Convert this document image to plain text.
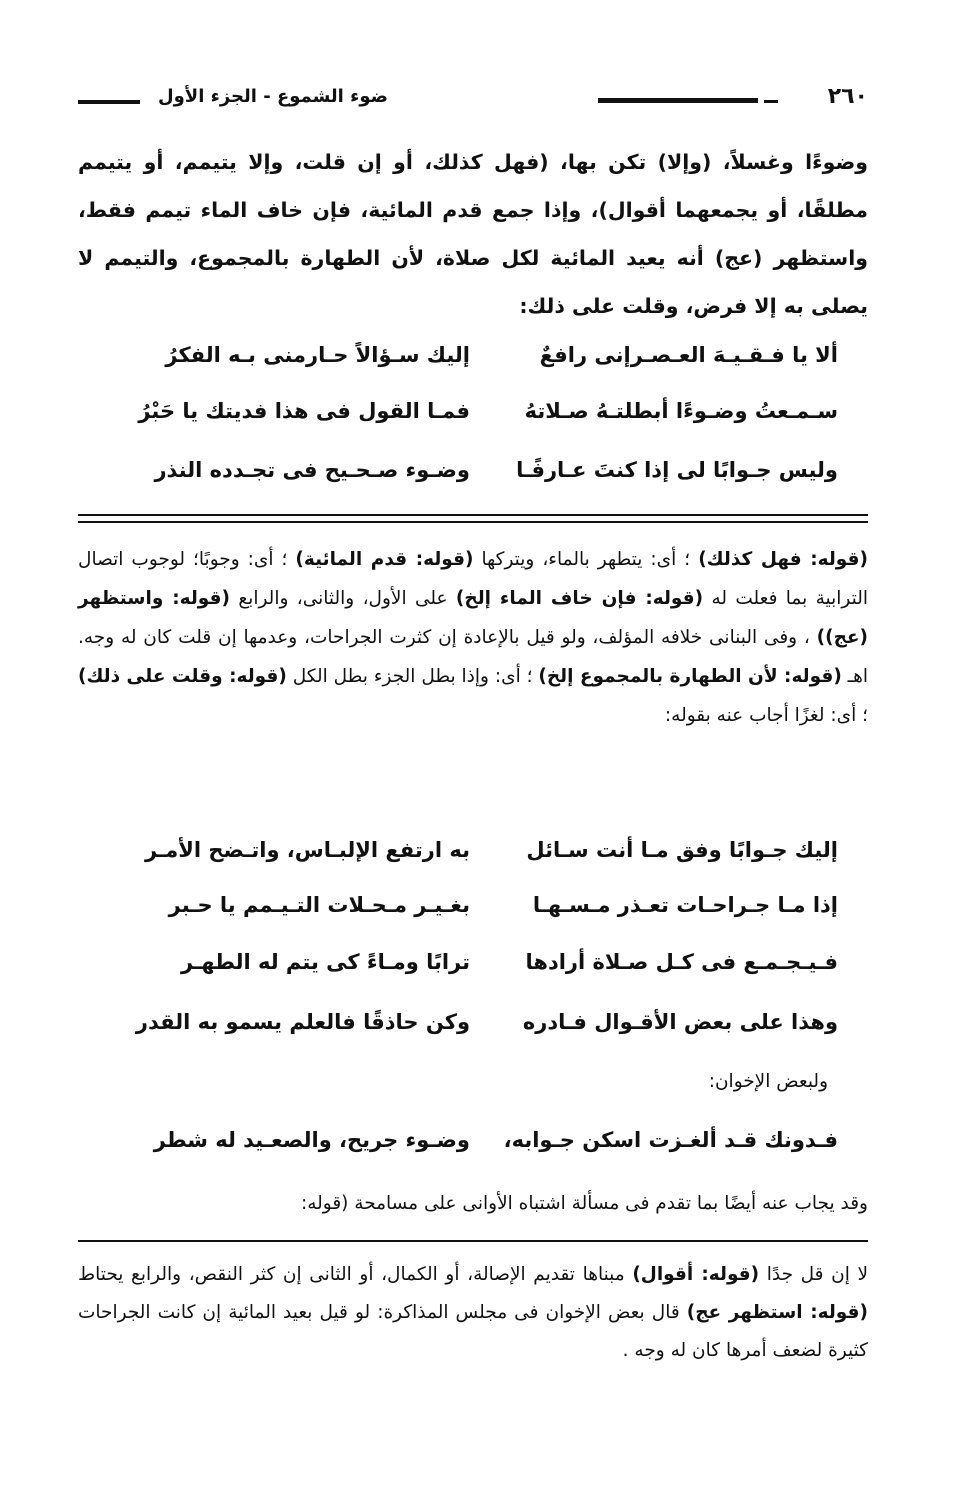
٢٦٠
ضوء الشموع - الجزء الأول

وضوءًا وغسلاً، (وإلا) تكن بها، (فهل كذلك، أو إن قلت، وإلا يتيمم، أو يتيمم مطلقًا، أو يجمعهما أقوال)، وإذا جمع قدم المائية، فإن خاف الماء تيمم فقط، واستظهر (عج) أنه يعيد المائية لكل صلاة، لأن الطهارة بالمجموع، والتيمم لا يصلى به إلا فرض، وقلت على ذلك:

ألا يا فـقـيـهَ العـصـرإنى رافعٌ
إليك سـؤالاً حـارمنى بـه الفكرُ
سـمـعتُ وضـوءًا أبطلتـهُ صـلاتهُ
فمـا القول فى هذا فديتك يا حَبْرُ
وليس جـوابًا لى إذا كنتَ عـارفًـا
وضـوء صـحـيح فى تجـدده النذر
(قوله: فهل كذلك) ؛ أى: يتطهر بالماء، ويتركها (قوله: قدم المائية) ؛ أى: وجوبًا؛ لوجوب اتصال الترابية بما فعلت له (قوله: فإن خاف الماء إلخ) على الأول، والثانى، والرابع (قوله: واستظهر (عج)) ، وفى البنانى خلافه المؤلف، ولو قيل بالإعادة إن كثرت الجراحات، وعدمها إن قلت كان له وجه. اهـ (قوله: لأن الطهارة بالمجموع إلخ) ؛ أى: وإذا بطل الجزء بطل الكل (قوله: وقلت على ذلك) ؛ أى: لغزًا أجاب عنه بقوله:
إليك جـوابًا وفق مـا أنت سـائل
به ارتفع الإلبـاس، واتـضح الأمـر
إذا مـا جـراحـات تعـذر مـسـهـا
بغـيـر مـحـلات التـيـمم يا حـبر
فـيـجـمـع فى كـل صـلاة أرادها
ترابًا ومـاءً كى يتم له الطهـر
وهذا على بعض الأقـوال فـادره
وكن حاذقًا فالعلم يسمو به القدر
ولبعض الإخوان:
فـدونك قـد ألغـزت اسكن جـوابه،
وضـوء جريح، والصعـيد له شطر
وقد يجاب عنه أيضًا بما تقدم فى مسألة اشتباه الأوانى على مسامحة (قوله:
لا إن قل جدًا (قوله: أقوال) مبناها تقديم الإصالة، أو الكمال، أو الثانى إن كثر النقص، والرابع يحتاط (قوله: استظهر عج) قال بعض الإخوان فى مجلس المذاكرة: لو قيل بعيد المائية إن كانت الجراحات كثيرة لضعف أمرها كان له وجه .
